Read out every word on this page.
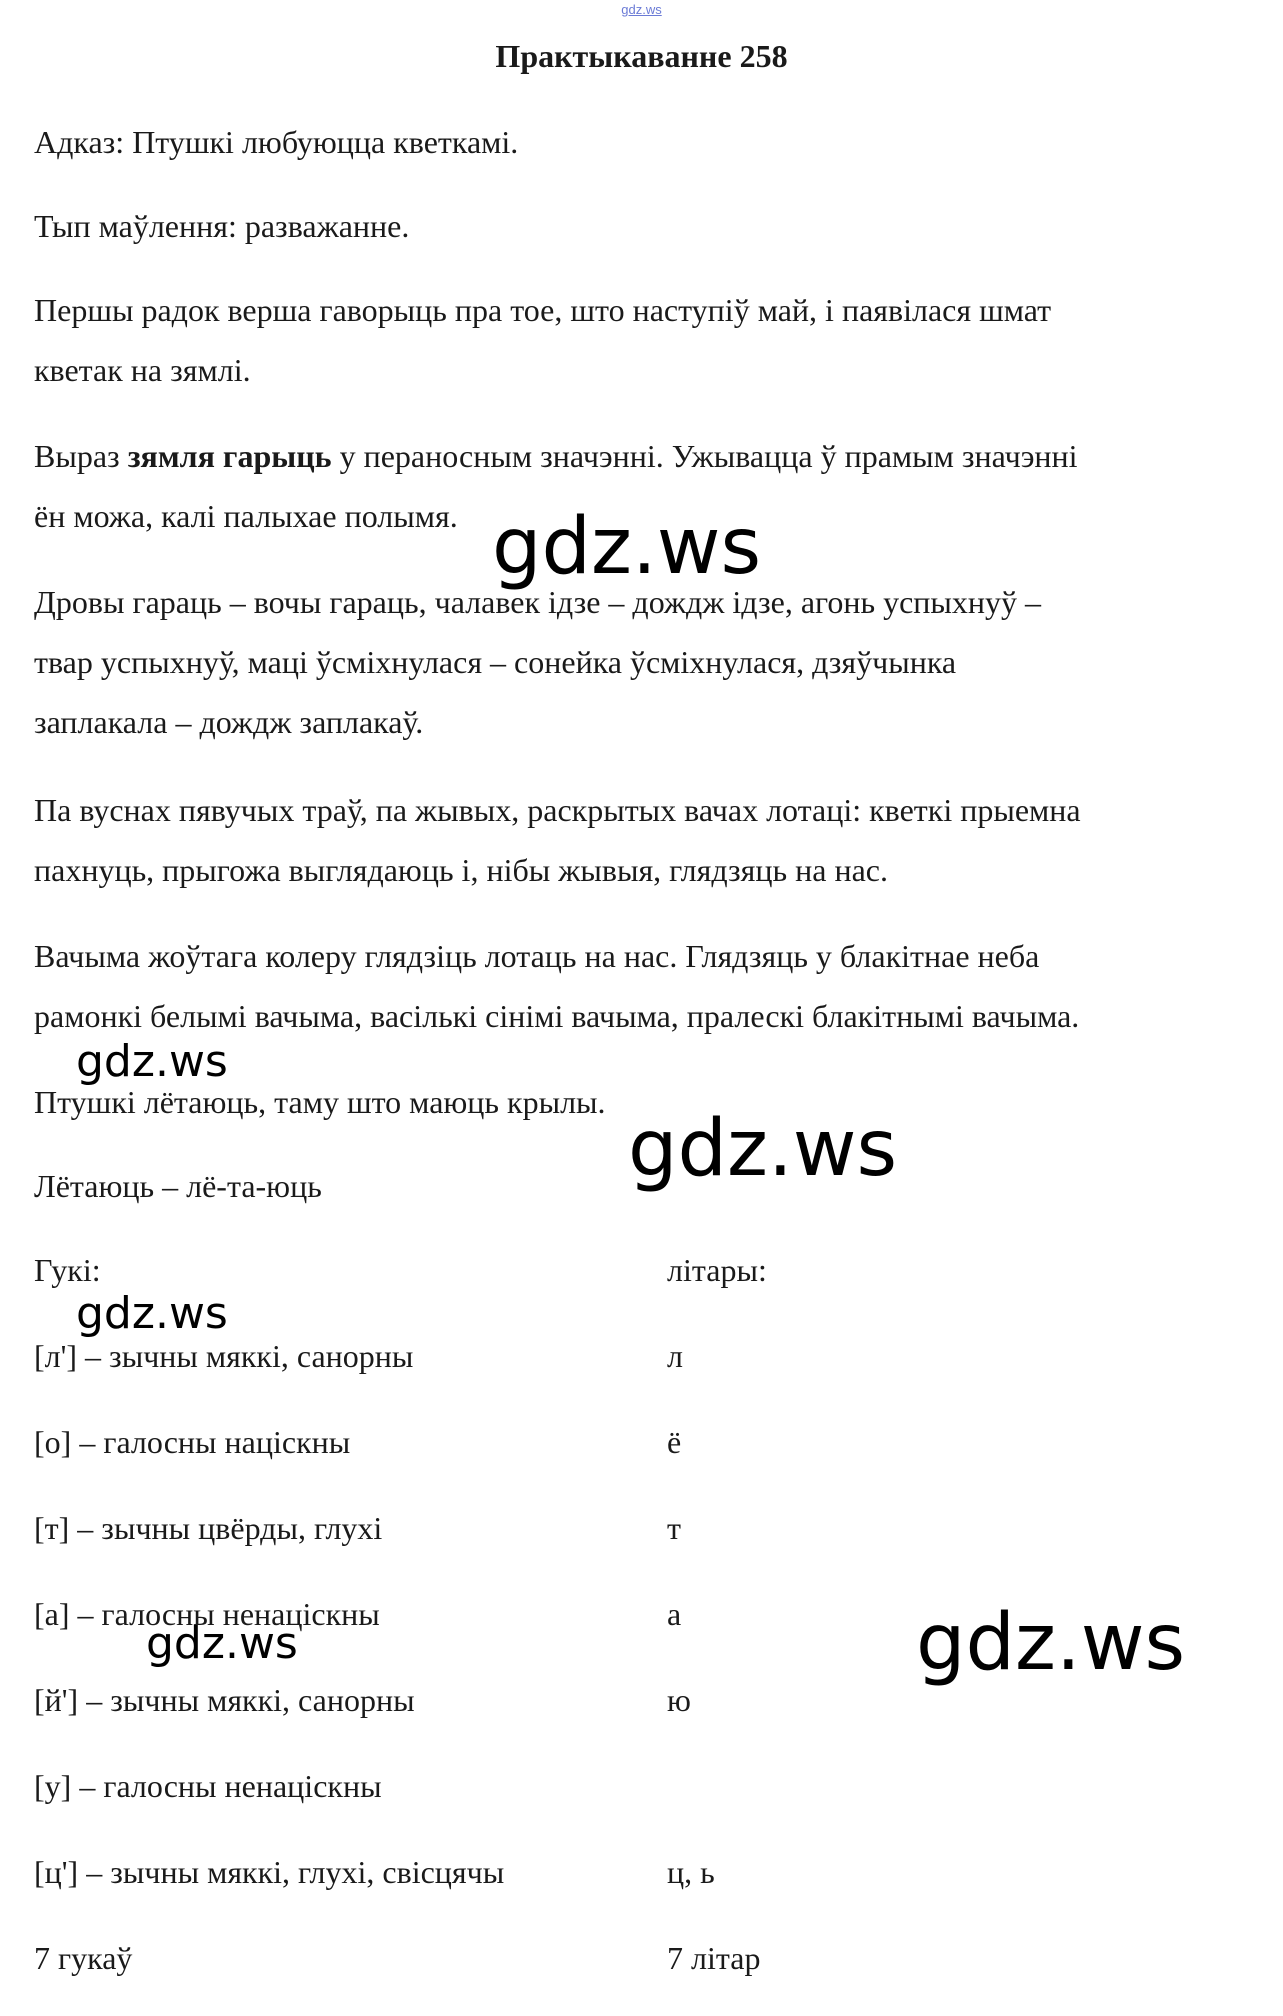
gdz.ws
Практыкаванне 258
Адказ: Птушкі любуюцца кветкамі.
Тып маўлення: разважанне.
Першы радок верша гаворыць пра тое, што наступіў май, і паявілася шмат
кветак на зямлі.
Выраз зямля гарыць у пераносным значэнні. Ужывацца ў прамым значэнні
ён можа, калі палыхае полымя.
Дровы гараць – вочы гараць, чалавек ідзе – дождж ідзе, агонь успыхнуў –
твар успыхнуў, маці ўсміхнулася – сонейка ўсміхнулася, дзяўчынка
заплакала – дождж заплакаў.
Па вуснах пявучых траў, па жывых, раскрытых вачах лотаці: кветкі прыемна
пахнуць, прыгожа выглядаюць і, нібы жывыя, глядзяць на нас.
Вачыма жоўтага колеру глядзіць лотаць на нас. Глядзяць у блакітнае неба
рамонкі белымі вачыма, васількі сінімі вачыма, пралескі блакітнымі вачыма.
Птушкі лётаюць, таму што маюць крылы.
Лётаюць – лё-та-юць
Гукі:	літары:
[л'] – зычны мяккі, санорны	л
[о] – галосны націскны	ё
[т] – зычны цвёрды, глухі	т
[а] – галосны ненаціскны	а
[й'] – зычны мяккі, санорны	ю
[у] – галосны ненаціскны
[ц'] – зычны мяккі, глухі, свісцячы	ц, ь
7 гукаў	7 літар
gdz.ws
gdz.ws
gdz.ws
gdz.ws
gdz.ws	gdz.ws
